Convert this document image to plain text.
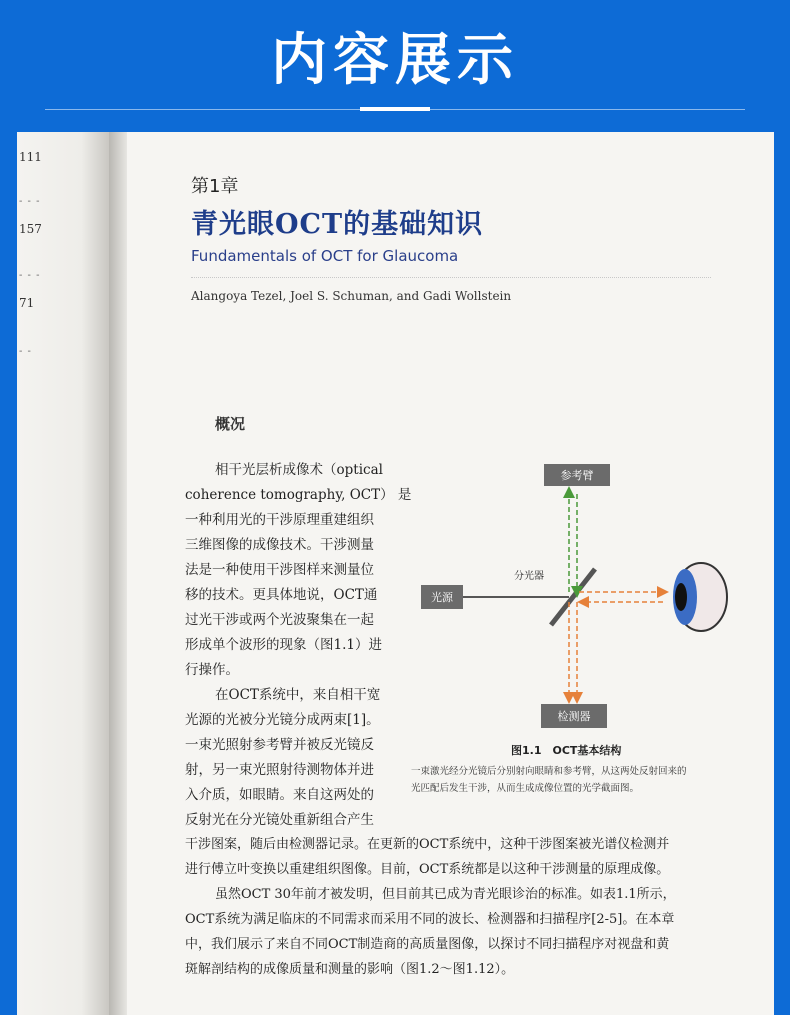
内容展示
111
- - -
157
- - -
71
- -
第1章
青光眼OCT的基础知识
Fundamentals of OCT for Glaucoma
Alangoya Tezel, Joel S. Schuman, and Gadi Wollstein
概况
相干光层析成像术（optical
coherence tomography, OCT） 是
一种利用光的干涉原理重建组织
三维图像的成像技术。干涉测量
法是一种使用干涉图样来测量位
移的技术。更具体地说，OCT通
过光干涉或两个光波聚集在一起
形成单个波形的现象（图1.1）进
行操作。
在OCT系统中，来自相干宽
光源的光被分光镜分成两束[1]。
一束光照射参考臂并被反光镜反
射，另一束光照射待测物体并进
入介质，如眼睛。来自这两处的
反射光在分光镜处重新组合产生
干涉图案，随后由检测器记录。在更新的OCT系统中，这种干涉图案被光谱仪检测并
进行傅立叶变换以重建组织图像。目前，OCT系统都是以这种干涉测量的原理成像。
虽然OCT 30年前才被发明，但目前其已成为青光眼诊治的标准。如表1.1所示，
OCT系统为满足临床的不同需求而采用不同的波长、检测器和扫描程序[2-5]。在本章
中，我们展示了来自不同OCT制造商的高质量图像，以探讨不同扫描程序对视盘和黄
斑解剖结构的成像质量和测量的影响（图1.2～图1.12）。
参考臂
光源
分光器
检测器
图1.1　OCT基本结构
一束激光经分光镜后分别射向眼睛和参考臂，从这两处反射回来的
光匹配后发生干涉，从而生成成像位置的光学截面图。
